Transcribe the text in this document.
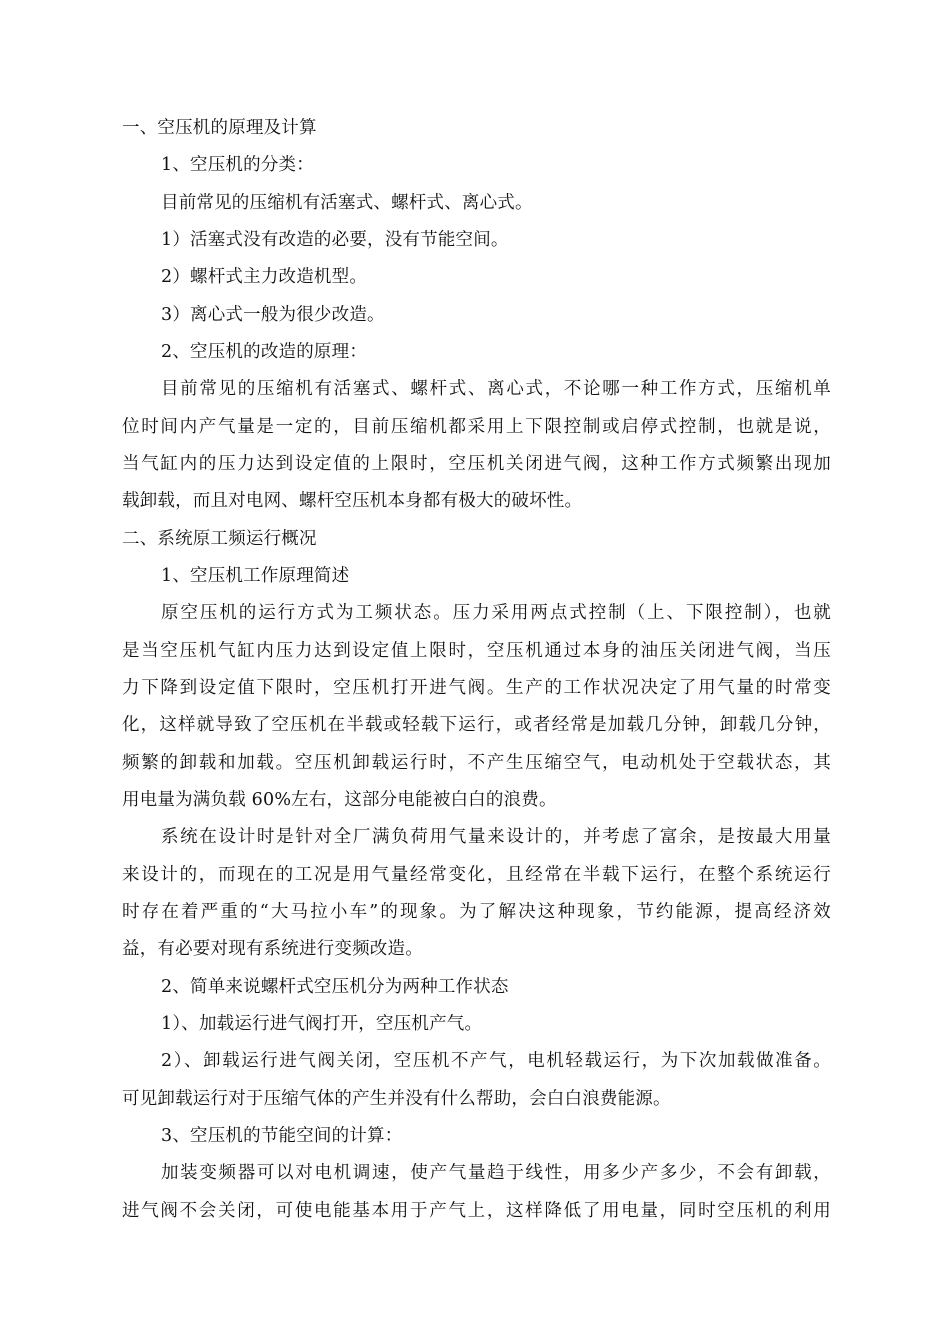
一、空压机的原理及计算
1、空压机的分类：
目前常见的压缩机有活塞式、螺杆式、离心式。
1）活塞式没有改造的必要，没有节能空间。
2）螺杆式主力改造机型。
3）离心式一般为很少改造。
2、空压机的改造的原理：
目前常见的压缩机有活塞式、螺杆式、离心式，不论哪一种工作方式，压缩机单
位时间内产气量是一定的，目前压缩机都采用上下限控制或启停式控制，也就是说，
当气缸内的压力达到设定值的上限时，空压机关闭进气阀，这种工作方式频繁出现加
载卸载，而且对电网、螺杆空压机本身都有极大的破坏性。
二、系统原工频运行概况
1、空压机工作原理简述
原空压机的运行方式为工频状态。压力采用两点式控制（上、下限控制），也就
是当空压机气缸内压力达到设定值上限时，空压机通过本身的油压关闭进气阀，当压
力下降到设定值下限时，空压机打开进气阀。生产的工作状况决定了用气量的时常变
化，这样就导致了空压机在半载或轻载下运行，或者经常是加载几分钟，卸载几分钟，
频繁的卸载和加载。空压机卸载运行时，不产生压缩空气，电动机处于空载状态，其
用电量为满负载 60%左右，这部分电能被白白的浪费。
系统在设计时是针对全厂满负荷用气量来设计的，并考虑了富余，是按最大用量
来设计的，而现在的工况是用气量经常变化，且经常在半载下运行，在整个系统运行
时存在着严重的“大马拉小车”的现象。为了解决这种现象，节约能源，提高经济效
益，有必要对现有系统进行变频改造。
2、简单来说螺杆式空压机分为两种工作状态
1）、加载运行进气阀打开，空压机产气。
2）、卸载运行进气阀关闭，空压机不产气，电机轻载运行，为下次加载做准备。
可见卸载运行对于压缩气体的产生并没有什么帮助，会白白浪费能源。
3、空压机的节能空间的计算：
加装变频器可以对电机调速，使产气量趋于线性，用多少产多少，不会有卸载，
进气阀不会关闭，可使电能基本用于产气上，这样降低了用电量，同时空压机的利用
